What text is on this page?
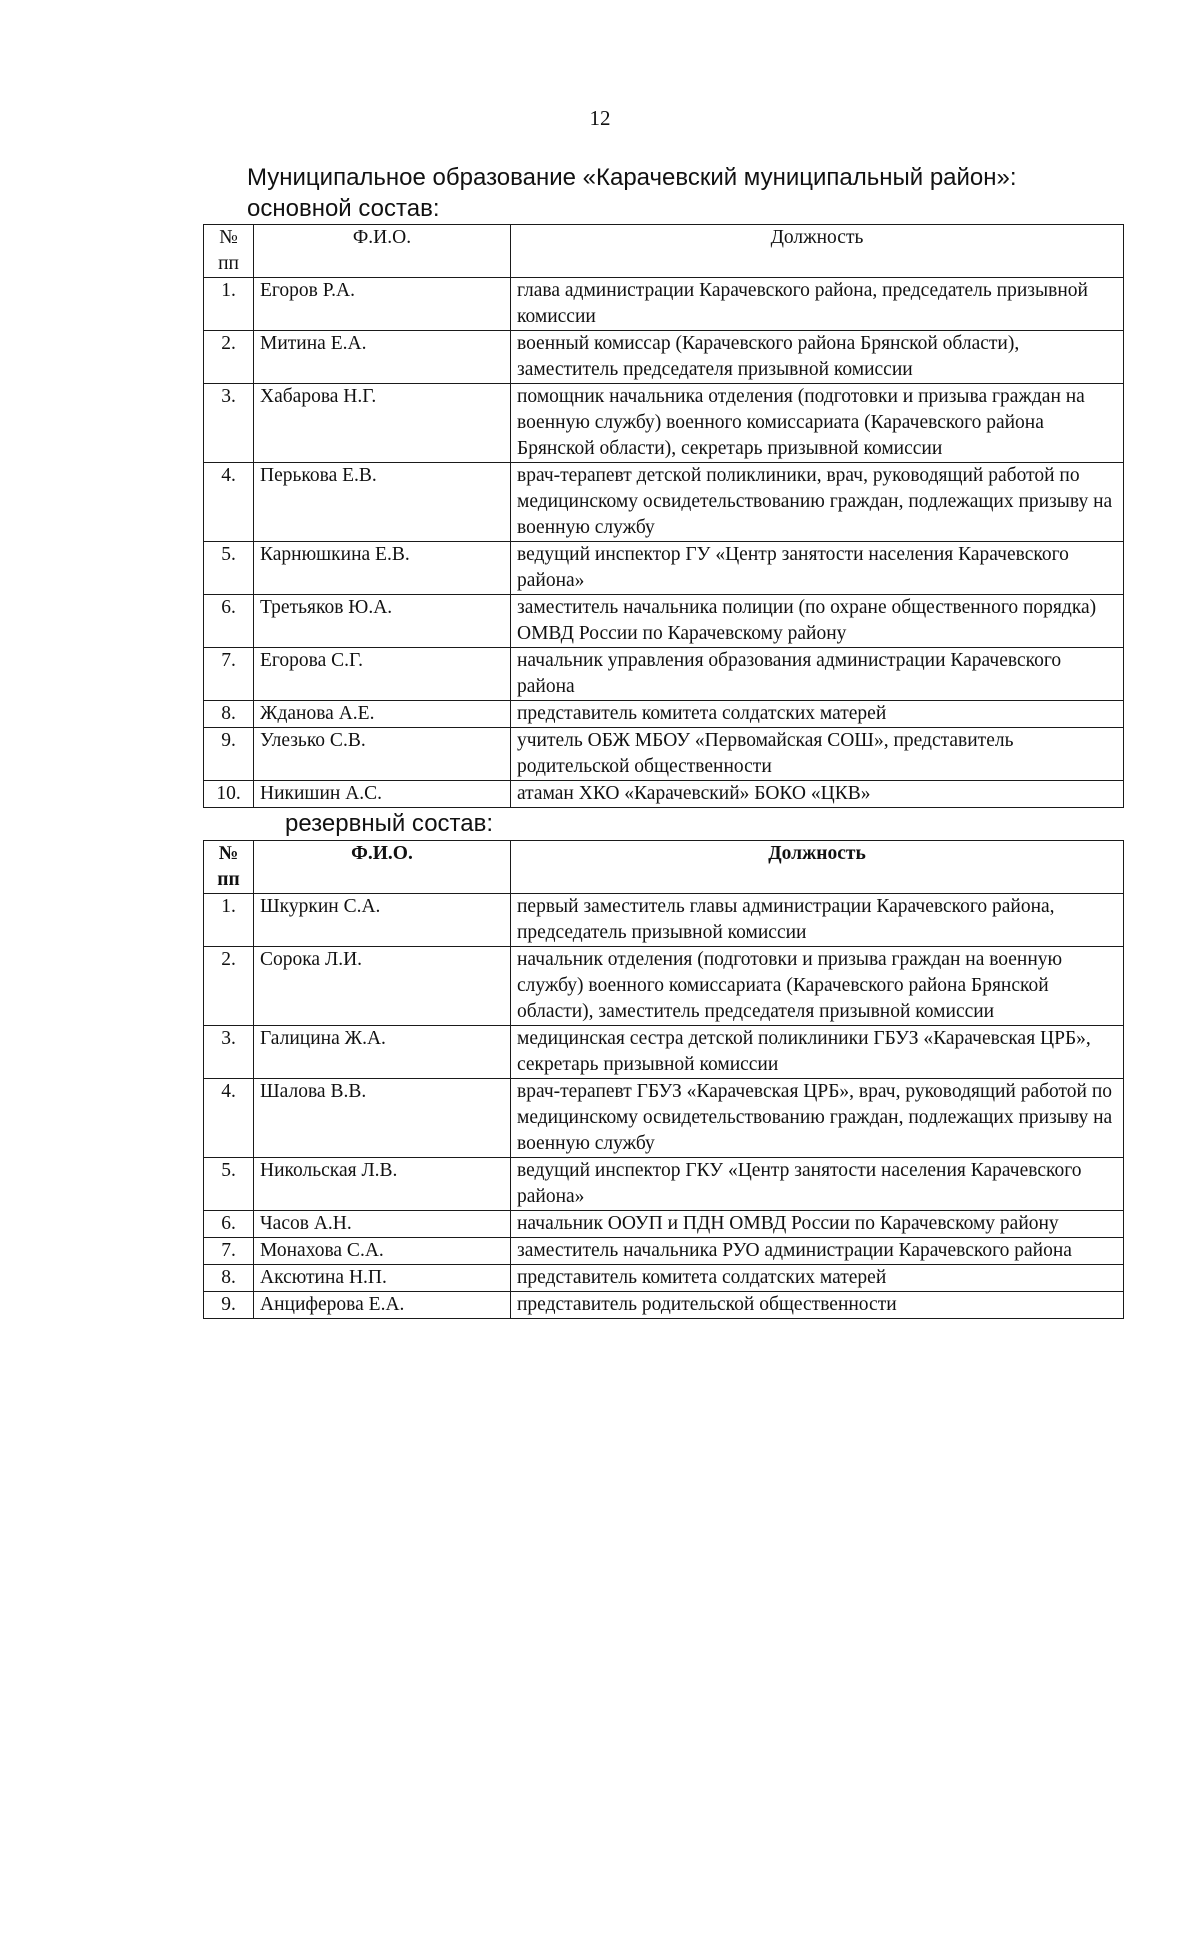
12
Муниципальное образование «Карачевский муниципальный район»:
основной состав:
№
пп	Ф.И.О.	Должность
1.	Егоров Р.А.	глава администрации Карачевского района, председатель призывной комиссии
2.	Митина Е.А.	военный комиссар (Карачевского района Брянской области), заместитель председателя призывной комиссии
3.	Хабарова Н.Г.	помощник начальника отделения (подготовки и призыва граждан на военную службу) военного комиссариата (Карачевского района Брянской области), секретарь призывной комиссии
4.	Перькова Е.В.	врач-терапевт детской поликлиники, врач, руководящий работой по медицинскому освидетельствованию граждан, подлежащих призыву на военную службу
5.	Карнюшкина Е.В.	ведущий инспектор ГУ «Центр занятости населения Карачевского района»
6.	Третьяков Ю.А.	заместитель начальника полиции (по охране общественного порядка) ОМВД России по Карачевскому району
7.	Егорова С.Г.	начальник управления образования администрации Карачевского района
8.	Жданова А.Е.	представитель комитета солдатских матерей
9.	Улезько С.В.	учитель ОБЖ МБОУ «Первомайская СОШ», представитель родительской общественности
10.	Никишин А.С.	атаман ХКО «Карачевский» БОКО «ЦКВ»
резервный состав:
№
пп	Ф.И.О.	Должность
1.	Шкуркин С.А.	первый заместитель главы администрации Карачевского района, председатель призывной комиссии
2.	Сорока Л.И.	начальник отделения (подготовки и призыва граждан на военную службу) военного комиссариата (Карачевского района Брянской области), заместитель председателя призывной комиссии
3.	Галицина Ж.А.	медицинская сестра детской поликлиники ГБУЗ «Карачевская ЦРБ», секретарь призывной комиссии
4.	Шалова В.В.	врач-терапевт ГБУЗ «Карачевская ЦРБ», врач, руководящий работой по медицинскому освидетельствованию граждан, подлежащих призыву на военную службу
5.	Никольская Л.В.	ведущий инспектор ГКУ «Центр занятости населения Карачевского района»
6.	Часов А.Н.	начальник ООУП и ПДН ОМВД России по Карачевскому району
7.	Монахова С.А.	заместитель начальника РУО администрации Карачевского района
8.	Аксютина Н.П.	представитель комитета солдатских матерей
9.	Анциферова Е.А.	представитель родительской общественности
